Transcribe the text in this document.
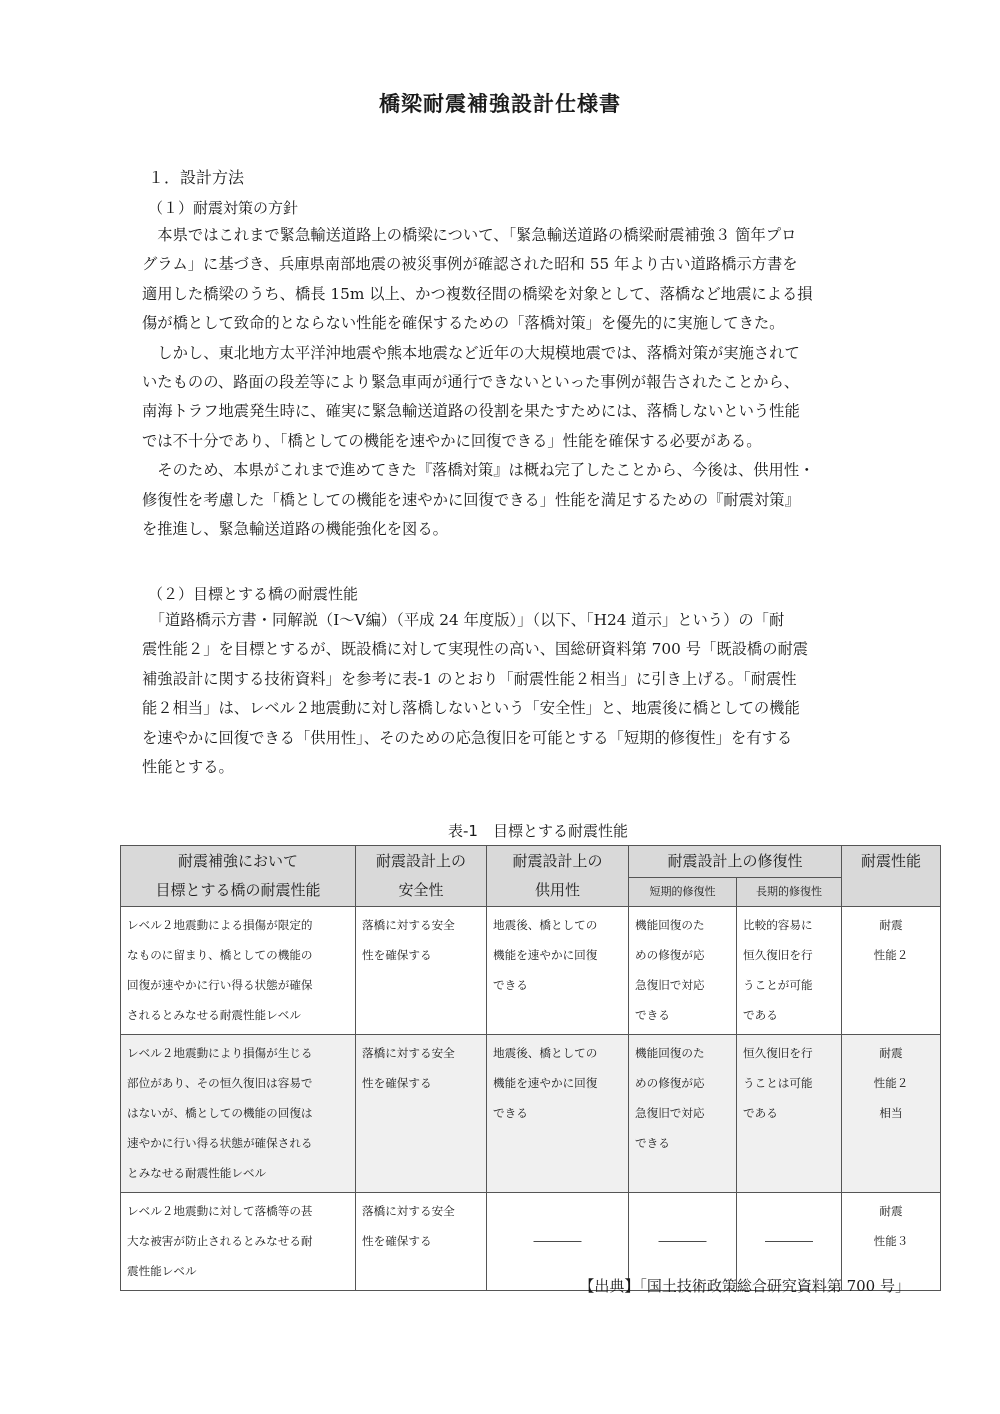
橋梁耐震補強設計仕様書
１．設計方法
（１）耐震対策の方針

　本県ではこれまで緊急輸送道路上の橋梁について、「緊急輸送道路の橋梁耐震補強３ 箇年プロ
グラム」に基づき、兵庫県南部地震の被災事例が確認された昭和 55 年より古い道路橋示方書を
適用した橋梁のうち、橋長 15m 以上、かつ複数径間の橋梁を対象として、落橋など地震による損
傷が橋として致命的とならない性能を確保するための「落橋対策」を優先的に実施してきた。
　しかし、東北地方太平洋沖地震や熊本地震など近年の大規模地震では、落橋対策が実施されて
いたものの、路面の段差等により緊急車両が通行できないといった事例が報告されたことから、
南海トラフ地震発生時に、確実に緊急輸送道路の役割を果たすためには、落橋しないという性能
では不十分であり、「橋としての機能を速やかに回復できる」性能を確保する必要がある。
　そのため、本県がこれまで進めてきた『落橋対策』は概ね完了したことから、今後は、供用性・
修復性を考慮した「橋としての機能を速やかに回復できる」性能を満足するための『耐震対策』
を推進し、緊急輸送道路の機能強化を図る。

（２）目標とする橋の耐震性能

　「道路橋示方書・同解説（Ⅰ～Ⅴ編）（平成 24 年度版）」（以下、「H24 道示」という）の「耐
震性能２」を目標とするが、既設橋に対して実現性の高い、国総研資料第 700 号「既設橋の耐震
補強設計に関する技術資料」を参考に表-1 のとおり「耐震性能２相当」に引き上げる。「耐震性
能２相当」は、レベル２地震動に対し落橋しないという「安全性」と、地震後に橋としての機能
を速やかに回復できる「供用性」、そのための応急復旧を可能とする「短期的修復性」を有する
性能とする。

表-1　目標とする耐震性能
耐震補強において
目標とする橋の耐震性能	耐震設計上の
安全性	耐震設計上の
供用性	耐震設計上の修復性		耐震性能
			短期的修復性	長期的修復性	

レベル２地震動による損傷が限定的
なものに留まり、橋としての機能の
回復が速やかに行い得る状態が確保
されるとみなせる耐震性能レベル	落橋に対する安全
性を確保する	地震後、橋としての
機能を速やかに回復
できる	機能回復のた
めの修復が応
急復旧で対応
できる	比較的容易に
恒久復旧を行
うことが可能
である	耐震
性能２

レベル２地震動により損傷が生じる
部位があり、その恒久復旧は容易で
はないが、橋としての機能の回復は
速やかに行い得る状態が確保される
とみなせる耐震性能レベル	落橋に対する安全
性を確保する	地震後、橋としての
機能を速やかに回復
できる	機能回復のた
めの修復が応
急復旧で対応
できる	恒久復旧を行
うことは可能
である	耐震
性能２
相当

レベル２地震動に対して落橋等の甚
大な被害が防止されるとみなせる耐
震性能レベル	落橋に対する安全
性を確保する	――――	――――	――――	耐震
性能３
【出典】「国土技術政策総合研究資料第 700 号」
